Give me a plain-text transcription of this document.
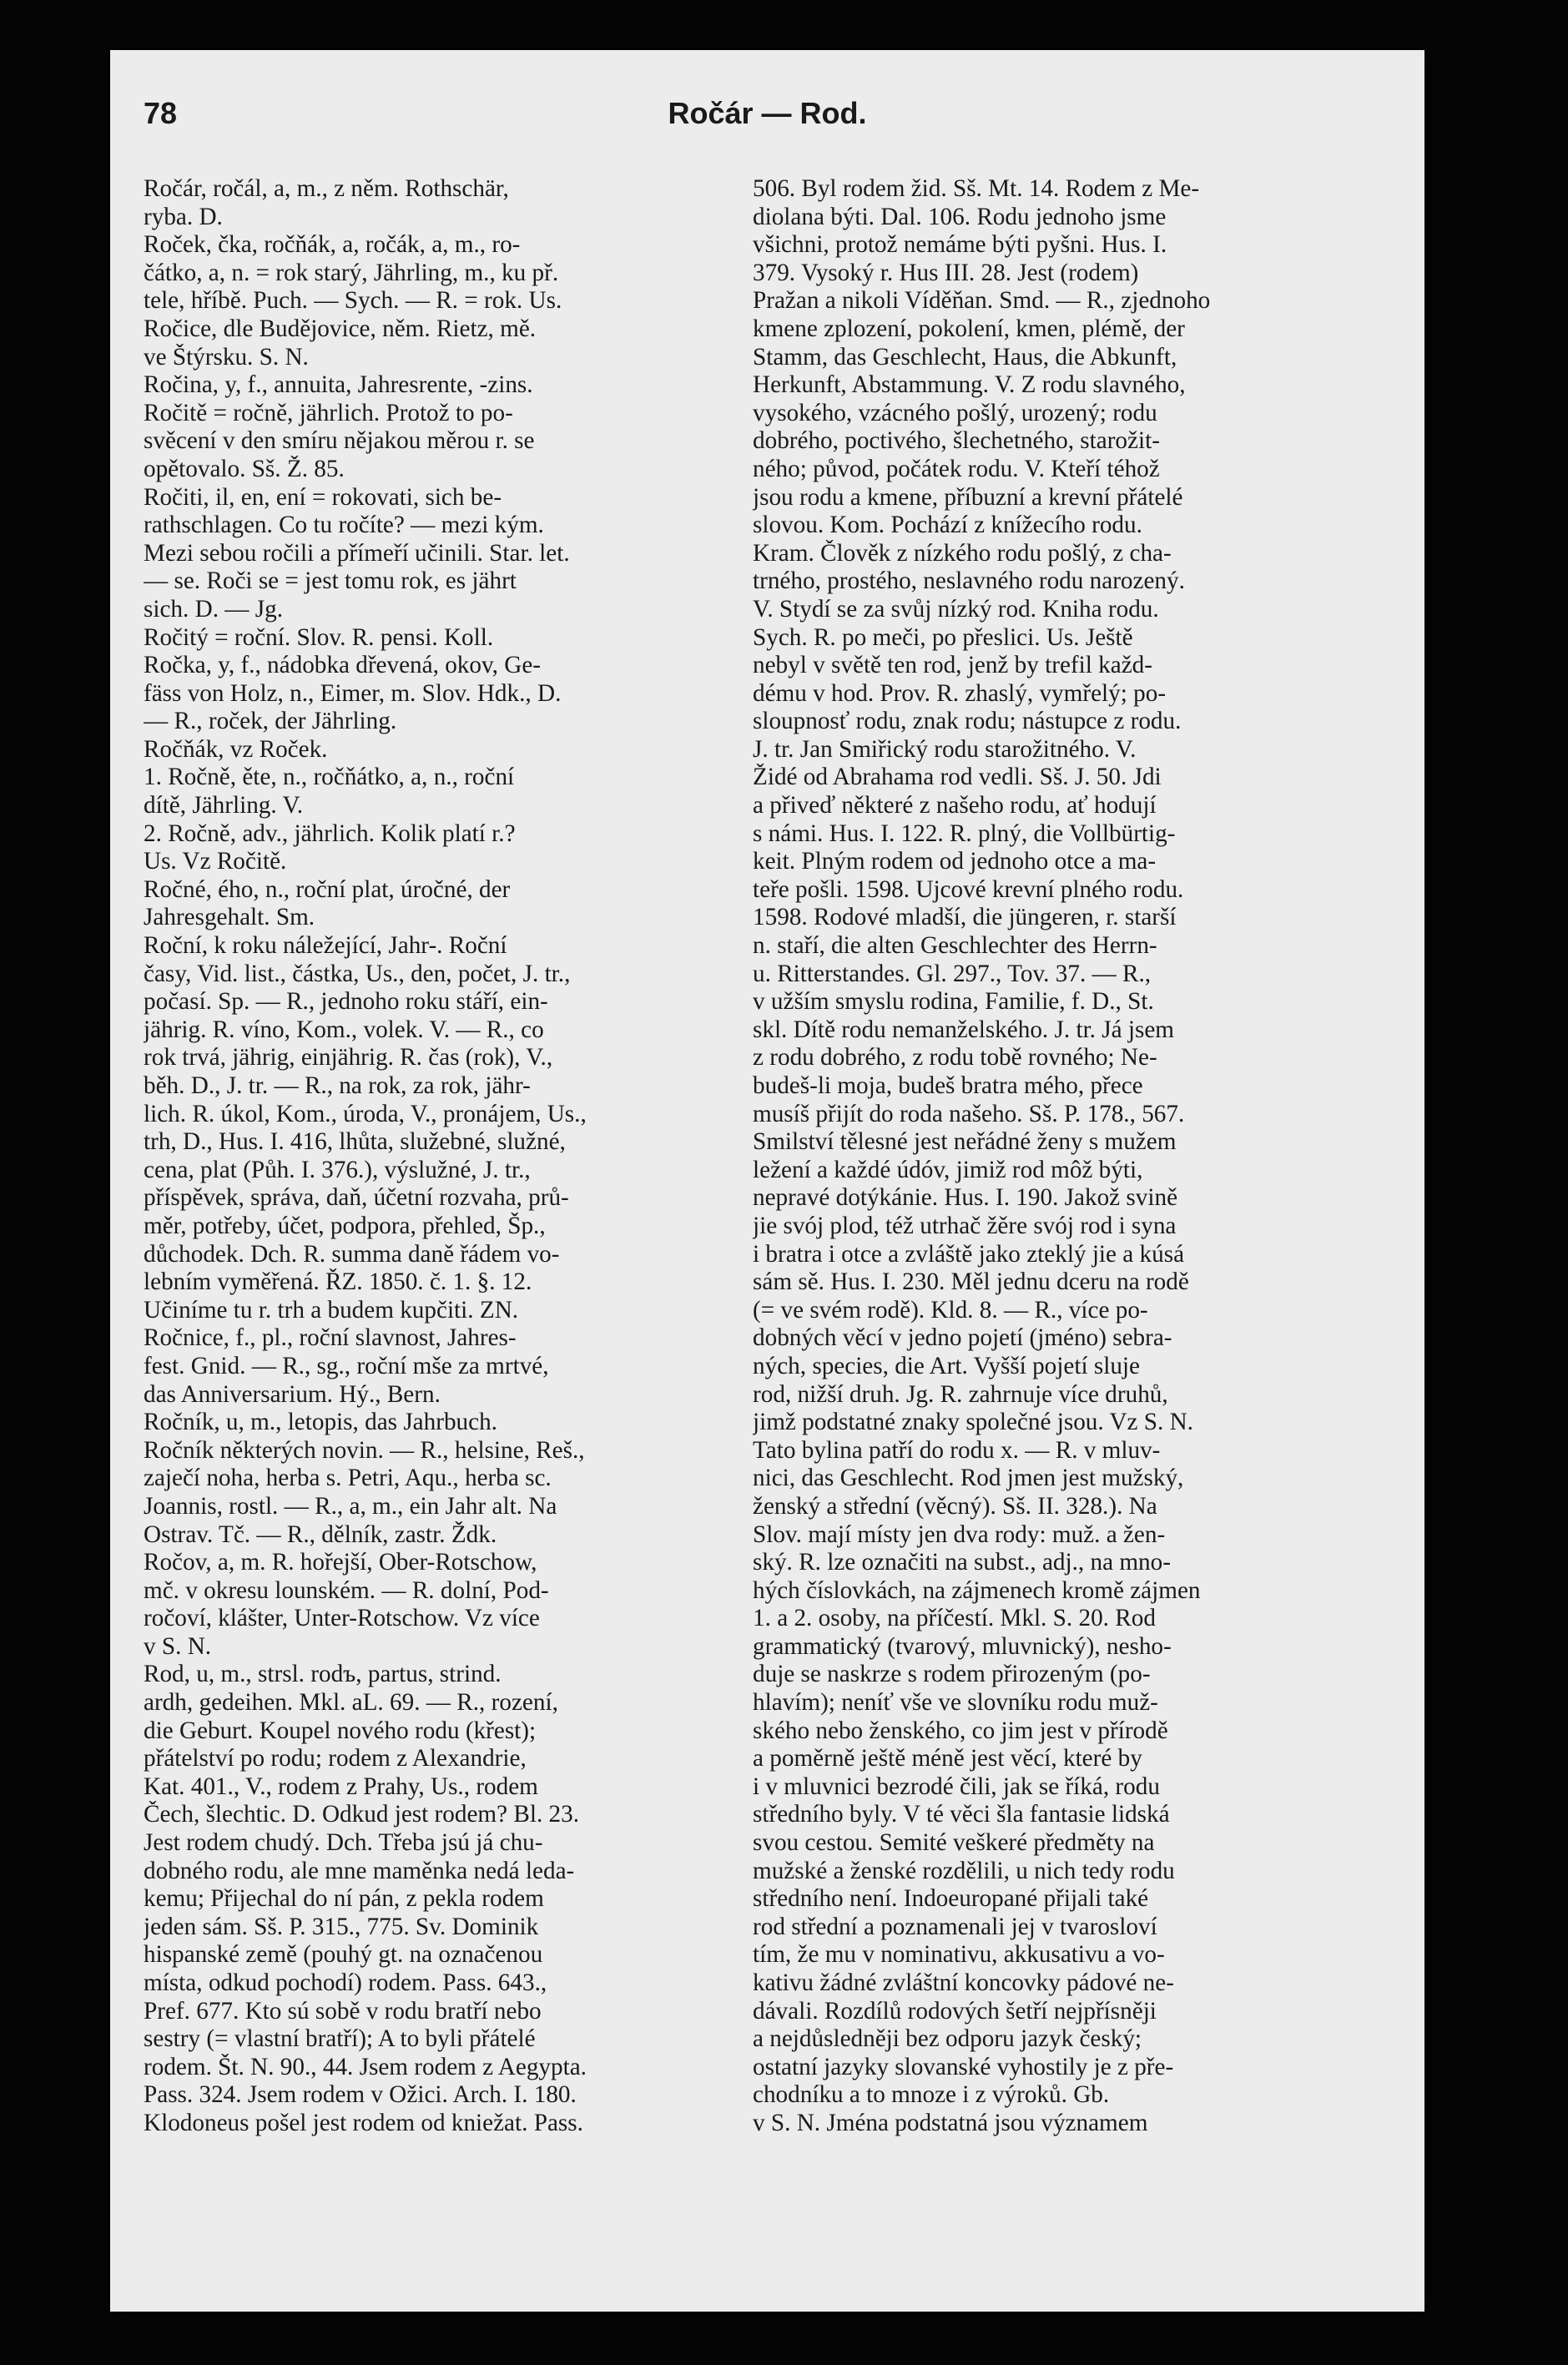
78	Ročár — Rod.
Ročár, ročál, a, m., z něm. Rothschär,
ryba. D.
Roček, čka, ročňák, a, ročák, a, m., ro-
čátko, a, n. = rok starý, Jährling, m., ku př.
tele, hříbě. Puch. — Sych. — R. = rok. Us.
Ročice, dle Budějovice, něm. Rietz, mě.
ve Štýrsku. S. N.
Ročina, y, f., annuita, Jahresrente, -zins.
Ročitě = ročně, jährlich. Protož to po-
svěcení v den smíru nějakou měrou r. se
opětovalo. Sš. Ž. 85.
Ročiti, il, en, ení = rokovati, sich be-
rathschlagen. Co tu ročíte? — mezi kým.
Mezi sebou ročili a přímeří učinili. Star. let.
— se. Roči se = jest tomu rok, es jährt
sich. D. — Jg.
Ročitý = roční. Slov. R. pensi. Koll.
Ročka, y, f., nádobka dřevená, okov, Ge-
fäss von Holz, n., Eimer, m. Slov. Hdk., D.
— R., roček, der Jährling.
Ročňák, vz Roček.
1. Ročně, ěte, n., ročňátko, a, n., roční
dítě, Jährling. V.
2. Ročně, adv., jährlich. Kolik platí r.?
Us. Vz Ročitě.
Ročné, ého, n., roční plat, úročné, der
Jahresgehalt. Sm.
Roční, k roku náležející, Jahr-. Roční
časy, Vid. list., částka, Us., den, počet, J. tr.,
počasí. Sp. — R., jednoho roku stáří, ein-
jährig. R. víno, Kom., volek. V. — R., co
rok trvá, jährig, einjährig. R. čas (rok), V.,
běh. D., J. tr. — R., na rok, za rok, jähr-
lich. R. úkol, Kom., úroda, V., pronájem, Us.,
trh, D., Hus. I. 416, lhůta, služebné, služné,
cena, plat (Půh. I. 376.), výslužné, J. tr.,
příspěvek, správa, daň, účetní rozvaha, prů-
měr, potřeby, účet, podpora, přehled, Šp.,
důchodek. Dch. R. summa daně řádem vo-
lebním vyměřená. ŘZ. 1850. č. 1. §. 12.
Učiníme tu r. trh a budem kupčiti. ZN.
Ročnice, f., pl., roční slavnost, Jahres-
fest. Gnid. — R., sg., roční mše za mrtvé,
das Anniversarium. Hý., Bern.
Ročník, u, m., letopis, das Jahrbuch.
Ročník některých novin. — R., helsine, Reš.,
zaječí noha, herba s. Petri, Aqu., herba sc.
Joannis, rostl. — R., a, m., ein Jahr alt. Na
Ostrav. Tč. — R., dělník, zastr. Ždk.
Ročov, a, m. R. hořejší, Ober-Rotschow,
mč. v okresu lounském. — R. dolní, Pod-
ročoví, klášter, Unter-Rotschow. Vz více
v S. N.
Rod, u, m., strsl. rodъ, partus, strind.
ardh, gedeihen. Mkl. aL. 69. — R., rození,
die Geburt. Koupel nového rodu (křest);
přátelství po rodu; rodem z Alexandrie,
Kat. 401., V., rodem z Prahy, Us., rodem
Čech, šlechtic. D. Odkud jest rodem? Bl. 23.
Jest rodem chudý. Dch. Třeba jsú já chu-
dobného rodu, ale mne maměnka nedá leda-
kemu; Přijechal do ní pán, z pekla rodem
jeden sám. Sš. P. 315., 775. Sv. Dominik
hispanské země (pouhý gt. na označenou
místa, odkud pochodí) rodem. Pass. 643.,
Pref. 677. Kto sú sobě v rodu bratří nebo
sestry (= vlastní bratří); A to byli přátelé
rodem. Št. N. 90., 44. Jsem rodem z Aegypta.
Pass. 324. Jsem rodem v Ožici. Arch. I. 180.
Klodoneus pošel jest rodem od kniežat. Pass.
506. Byl rodem žid. Sš. Mt. 14. Rodem z Me-
diolana býti. Dal. 106. Rodu jednoho jsme
všichni, protož nemáme býti pyšni. Hus. I.
379. Vysoký r. Hus III. 28. Jest (rodem)
Pražan a nikoli Víděňan. Smd. — R., zjednoho
kmene zplození, pokolení, kmen, plémě, der
Stamm, das Geschlecht, Haus, die Abkunft,
Herkunft, Abstammung. V. Z rodu slavného,
vysokého, vzácného pošlý, urozený; rodu
dobrého, poctivého, šlechetného, starožit-
ného; původ, počátek rodu. V. Kteří téhož
jsou rodu a kmene, příbuzní a krevní přátelé
slovou. Kom. Pochází z knížecího rodu.
Kram. Člověk z nízkého rodu pošlý, z cha-
trného, prostého, neslavného rodu narozený.
V. Stydí se za svůj nízký rod. Kniha rodu.
Sych. R. po meči, po přeslici. Us. Ještě
nebyl v světě ten rod, jenž by trefil každ-
dému v hod. Prov. R. zhaslý, vymřelý; po-
sloupnosť rodu, znak rodu; nástupce z rodu.
J. tr. Jan Smiřický rodu starožitného. V.
Židé od Abrahama rod vedli. Sš. J. 50. Jdi
a přiveď některé z našeho rodu, ať hodují
s námi. Hus. I. 122. R. plný, die Vollbürtig-
keit. Plným rodem od jednoho otce a ma-
teře pošli. 1598. Ujcové krevní plného rodu.
1598. Rodové mladší, die jüngeren, r. starší
n. staří, die alten Geschlechter des Herrn-
u. Ritterstandes. Gl. 297., Tov. 37. — R.,
v užším smyslu rodina, Familie, f. D., St.
skl. Dítě rodu nemanželského. J. tr. Já jsem
z rodu dobrého, z rodu tobě rovného; Ne-
budeš-li moja, budeš bratra mého, přece
musíš přijít do roda našeho. Sš. P. 178., 567.
Smilství tělesné jest neřádné ženy s mužem
ležení a každé údóv, jimiž rod môž býti,
nepravé dotýkánie. Hus. I. 190. Jakož svině
jie svój plod, též utrhač žěre svój rod i syna
i bratra i otce a zvláště jako zteklý jie a kúsá
sám sě. Hus. I. 230. Měl jednu dceru na rodě
(= ve svém rodě). Kld. 8. — R., více po-
dobných věcí v jedno pojetí (jméno) sebra-
ných, species, die Art. Vyšší pojetí sluje
rod, nižší druh. Jg. R. zahrnuje více druhů,
jimž podstatné znaky společné jsou. Vz S. N.
Tato bylina patří do rodu x. — R. v mluv-
nici, das Geschlecht. Rod jmen jest mužský,
ženský a střední (věcný). Sš. II. 328.). Na
Slov. mají místy jen dva rody: muž. a žen-
ský. R. lze označiti na subst., adj., na mno-
hých číslovkách, na zájmenech kromě zájmen
1. a 2. osoby, na příčestí. Mkl. S. 20. Rod
grammatický (tvarový, mluvnický), nesho-
duje se naskrze s rodem přirozeným (po-
hlavím); neníť vše ve slovníku rodu muž-
ského nebo ženského, co jim jest v přírodě
a poměrně ještě méně jest věcí, které by
i v mluvnici bezrodé čili, jak se říká, rodu
středního byly. V té věci šla fantasie lidská
svou cestou. Semité veškeré předměty na
mužské a ženské rozdělili, u nich tedy rodu
středního není. Indoeuropané přijali také
rod střední a poznamenali jej v tvarosloví
tím, že mu v nominativu, akkusativu a vo-
kativu žádné zvláštní koncovky pádové ne-
dávali. Rozdílů rodových šetří nejpřísněji
a nejdůsledněji bez odporu jazyk český;
ostatní jazyky slovanské vyhostily je z pře-
chodníku a to mnoze i z výroků. Gb.
v S. N. Jména podstatná jsou významem
